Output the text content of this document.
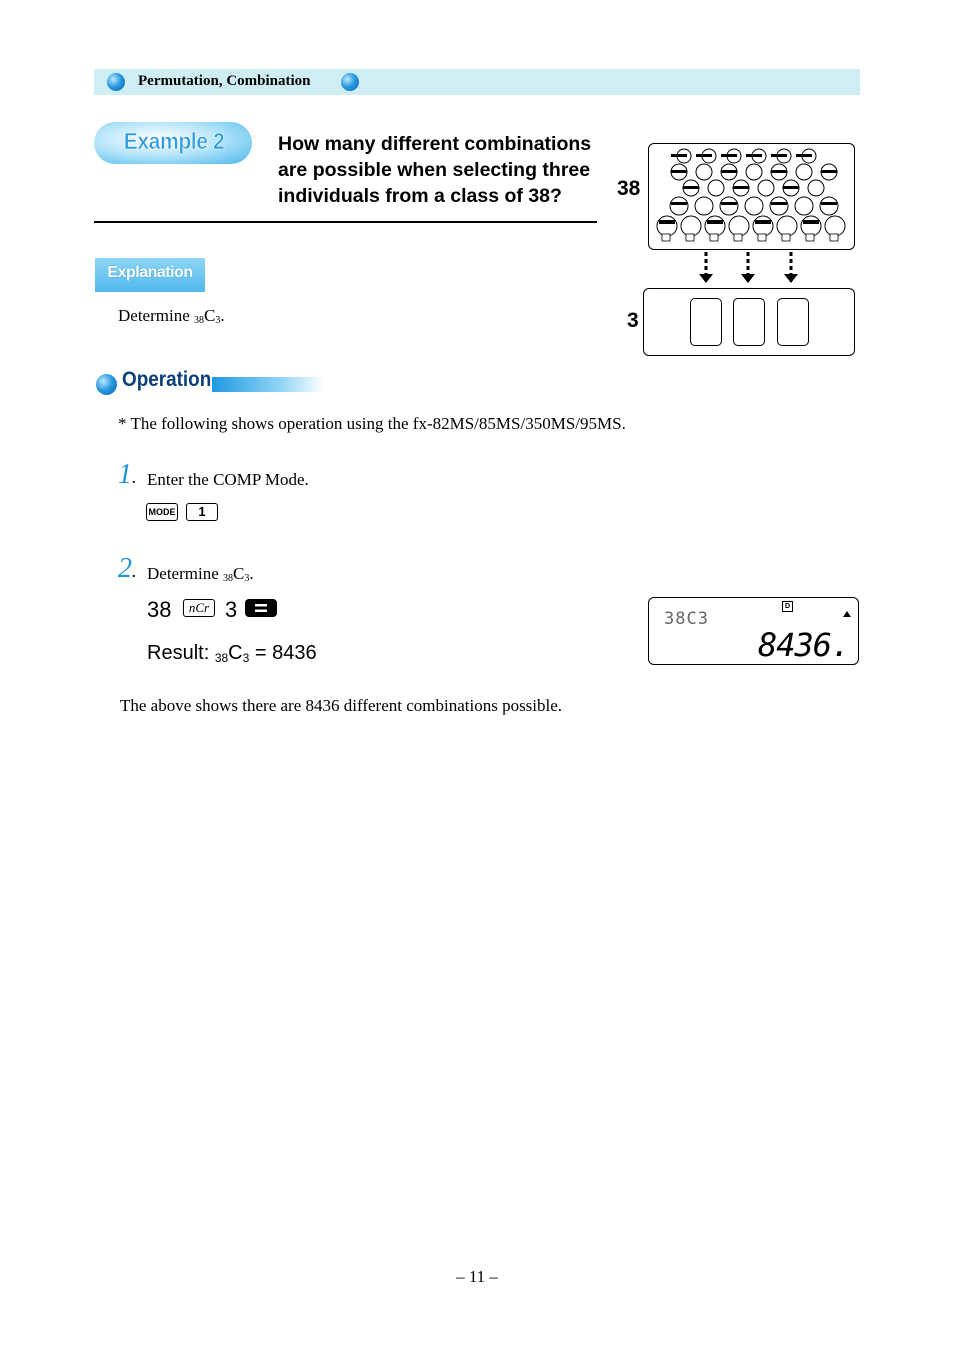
Permutation, Combination
Example 2	How many different combinations are possible when selecting three individuals from a class of 38?	38
3
Explanation
Determine $_{38}C_3$.
Operation
* The following shows operation using the fx-82MS/85MS/350MS/95MS.
1. Enter the COMP Mode.
MODE	1
2. Determine $_{38}C_3$.
38	nCr 3
Result: $_{38}C_3 = 8436$
D
38C3
8436.
The above shows there are 8436 different combinations possible.
– 11 –
